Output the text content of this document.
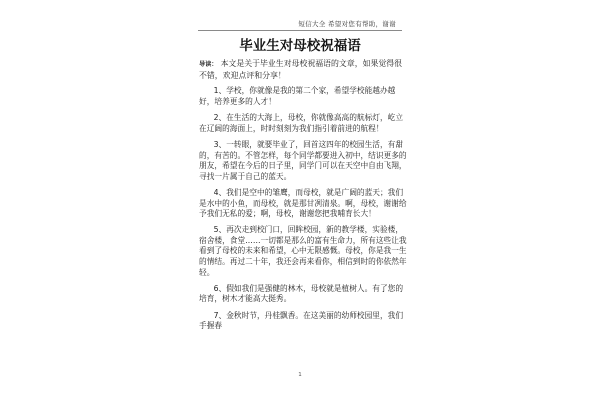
短信大全 希望对您有帮助，谢谢
毕业生对母校祝福语

导读： 本文是关于毕业生对母校祝福语的文章，如果觉得很不错，欢迎点评和分享！

1、学校，你就像是我的第二个家，希望学校能越办越好，培养更多的人才！

2、在生活的大海上，母校，你就像高高的航标灯，屹立在辽阔的海面上，时时刻刻为我们指引着前进的航程！

3、一转眼，就要毕业了，回首这四年的校园生活，有甜的，有苦的。不管怎样，每个同学都要进入初中，结识更多的朋友，希望在今后的日子里，同学门可以在天空中自由飞翔，寻找一片属于自己的蓝天。

4、我们是空中的雏鹰，而母校，就是广阔的蓝天；我们是水中的小鱼，而母校，就是那甘冽清泉。啊，母校，谢谢给予我们无私的爱；啊，母校，谢谢您把我哺育长大！

5、再次走到校门口，回眸校园，新的教学楼，实验楼，宿舍楼，食堂……一切都是那么的富有生命力，所有这些让我看到了母校的未来和希望，心中无限感慨。母校，你是我一生的情结。再过二十年，我还会再来看你，相信到时的你依然年轻。

6、假如我们是强健的林木，母校就是植树人。有了您的培育，树木才能高大挺秀。

7、金秋时节，丹桂飘香。在这美丽的幼师校园里，我们手握春

1
